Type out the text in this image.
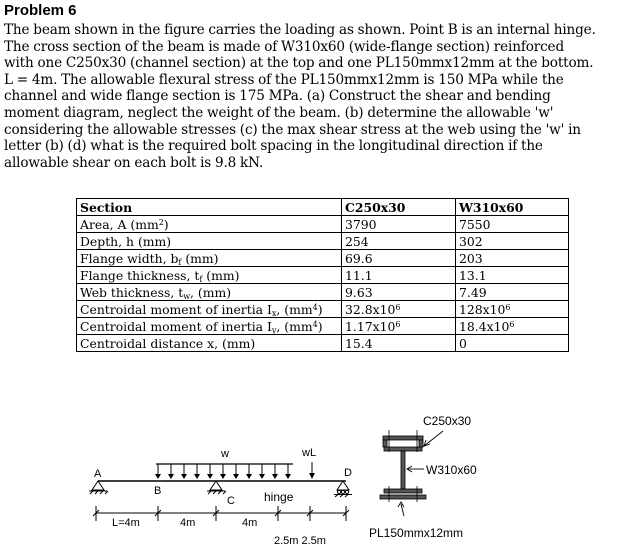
Problem 6
The beam shown in the figure carries the loading as shown. Point B is an internal hinge.
The cross section of the beam is made of W310x60 (wide-flange section) reinforced
with one C250x30 (channel section) at the top and one PL150mmx12mm at the bottom.
L = 4m. The allowable flexural stress of the PL150mmx12mm is 150 MPa while the
channel and wide flange section is 175 MPa. (a) Construct the shear and bending
moment diagram, neglect the weight of the beam. (b) determine the allowable 'w'
considering the allowable stresses (c) the max shear stress at the web using the 'w' in
letter (b) (d) what is the required bolt spacing in the longitudinal direction if the
allowable shear on each bolt is 9.8 kN.
Section	C250x30	W310x60
Area, A $(mm^2)$	3790	7550
Depth, h (mm)	254	302
Flange width, $b_f$ (mm)	69.6	203
Flange thickness, $t_f$ (mm)	11.1	13.1
Web thickness, $t_w$, (mm)	9.63	7.49
Centroidal moment of inertia $I_x$, $(mm^4)$	$32.8x10^6$	$128x10^6$
Centroidal moment of inertia $I_y$, $(mm^4)$	$1.17x10^6$	$18.4x10^6$
Centroidal distance x, (mm)	15.4	0
w	wL
A
B
C
D
hinge
L=4m	4m	4m
2.5m 2.5m
C250x30
W310x60
PL150mmx12mm
